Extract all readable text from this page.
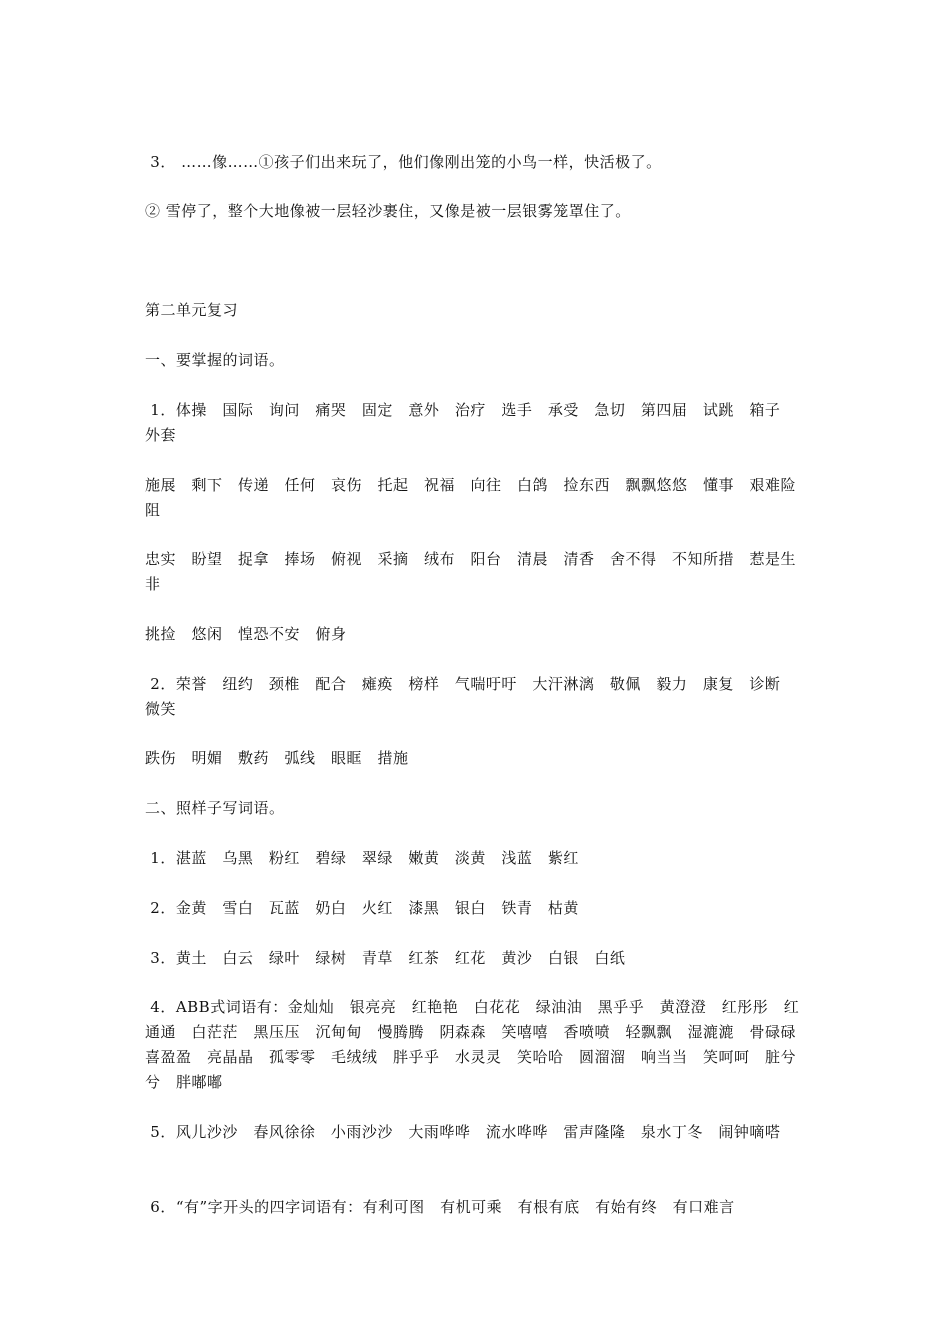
3． ……像……①孩子们出来玩了，他们像刚出笼的小鸟一样，快活极了。
② 雪停了，整个大地像被一层轻沙裹住，又像是被一层银雾笼罩住了。
第二单元复习
一、要掌握的词语。
1．体操　国际　询问　痛哭　固定　意外　治疗　选手　承受　急切　第四届　试跳　箱子　外套
施展　剩下　传递　任何　哀伤　托起　祝福　向往　白鸽　捡东西　飘飘悠悠　懂事　艰难险阻
忠实　盼望　捉拿　捧场　俯视　采摘　绒布　阳台　清晨　清香　舍不得　不知所措　惹是生非
挑捡　悠闲　惶恐不安　俯身
2．荣誉　纽约　颈椎　配合　瘫痪　榜样　气喘吁吁　大汗淋漓　敬佩　毅力　康复　诊断　微笑
跌伤　明媚　敷药　弧线　眼眶　措施
二、照样子写词语。
1．湛蓝　乌黑　粉红　碧绿　翠绿　嫩黄　淡黄　浅蓝　紫红
2．金黄　雪白　瓦蓝　奶白　火红　漆黑　银白　铁青　枯黄
3．黄土　白云　绿叶　绿树　青草　红茶　红花　黄沙　白银　白纸
4．ABB式词语有：金灿灿　银亮亮　红艳艳　白花花　绿油油　黑乎乎　黄澄澄　红彤彤　红通通　白茫茫　黑压压　沉甸甸　慢腾腾　阴森森　笑嘻嘻　香喷喷　轻飘飘　湿漉漉　骨碌碌　喜盈盈　亮晶晶　孤零零　毛绒绒　胖乎乎　水灵灵　笑哈哈　圆溜溜　响当当　笑呵呵　脏兮兮　胖嘟嘟
5．风儿沙沙　春风徐徐　小雨沙沙　大雨哗哗　流水哗哗　雷声隆隆　泉水丁冬　闹钟嘀嗒
6．“有”字开头的四字词语有：有利可图　有机可乘　有根有底　有始有终　有口难言
